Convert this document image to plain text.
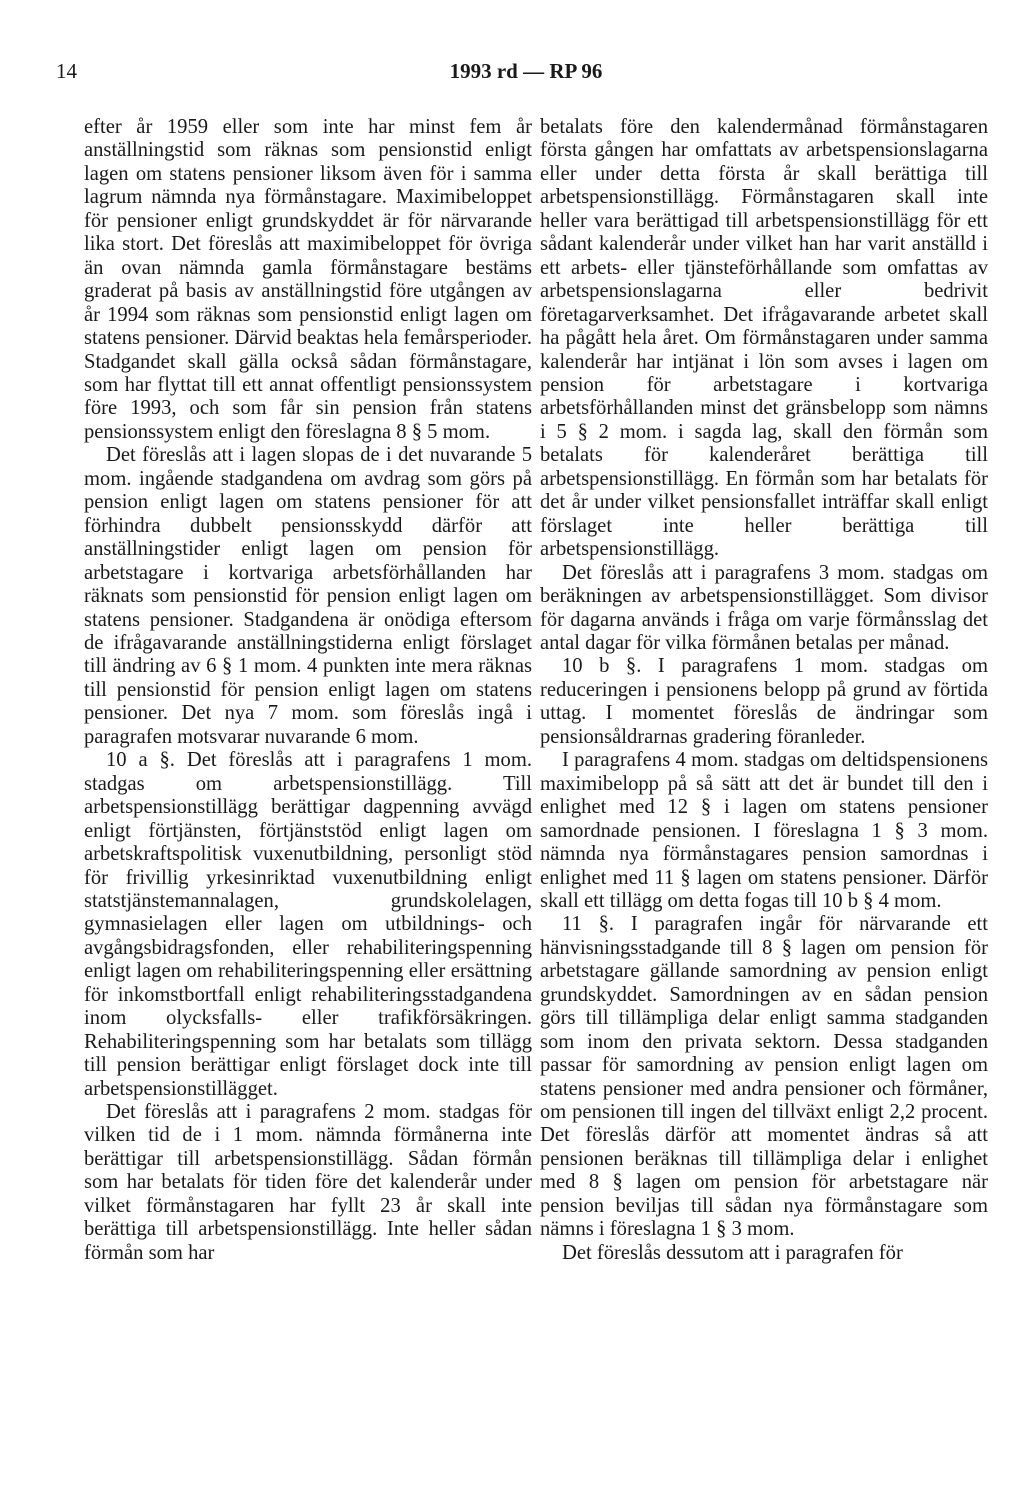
14	1993 rd — RP 96

efter år 1959 eller som inte har minst fem år anställningstid som räknas som pensionstid enligt lagen om statens pensioner liksom även för i samma lagrum nämnda nya förmånstagare. Maximibeloppet för pensioner enligt grundskyddet är för närvarande lika stort. Det föreslås att maximibeloppet för övriga än ovan nämnda gamla förmånstagare bestäms graderat på basis av anställningstid före utgången av år 1994 som räknas som pensionstid enligt lagen om statens pensioner. Därvid beaktas hela femårsperioder. Stadgandet skall gälla också sådan förmånstagare, som har flyttat till ett annat offentligt pensionssystem före 1993, och som får sin pension från statens pensionssystem enligt den föreslagna 8 § 5 mom.

Det föreslås att i lagen slopas de i det nuvarande 5 mom. ingående stadgandena om avdrag som görs på pension enligt lagen om statens pensioner för att förhindra dubbelt pensionsskydd därför att anställningstider enligt lagen om pension för arbetstagare i kortvariga arbetsförhållanden har räknats som pensionstid för pension enligt lagen om statens pensioner. Stadgandena är onödiga eftersom de ifrågavarande anställningstiderna enligt förslaget till ändring av 6 § 1 mom. 4 punkten inte mera räknas till pensionstid för pension enligt lagen om statens pensioner. Det nya 7 mom. som föreslås ingå i paragrafen motsvarar nuvarande 6 mom.

10 a §. Det föreslås att i paragrafens 1 mom. stadgas om arbetspensionstillägg. Till arbetspensionstillägg berättigar dagpenning avvägd enligt förtjänsten, förtjänststöd enligt lagen om arbetskraftspolitisk vuxenutbildning, personligt stöd för frivillig yrkesinriktad vuxenutbildning enligt statstjänstemannalagen, grundskolelagen, gymnasielagen eller lagen om utbildnings- och avgångsbidragsfonden, eller rehabiliteringspenning enligt lagen om rehabiliteringspenning eller ersättning för inkomstbortfall enligt rehabiliteringsstadgandena inom olycksfalls- eller trafikförsäkringen. Rehabiliteringspenning som har betalats som tillägg till pension berättigar enligt förslaget dock inte till arbetspensionstillägget.

Det föreslås att i paragrafens 2 mom. stadgas för vilken tid de i 1 mom. nämnda förmånerna inte berättigar till arbetspensionstillägg. Sådan förmån som har betalats för tiden före det kalenderår under vilket förmånstagaren har fyllt 23 år skall inte berättiga till arbetspensionstillägg. Inte heller sådan förmån som har

betalats före den kalendermånad förmånstagaren första gången har omfattats av arbetspensionslagarna eller under detta första år skall berättiga till arbetspensionstillägg. Förmånstagaren skall inte heller vara berättigad till arbetspensionstillägg för ett sådant kalenderår under vilket han har varit anställd i ett arbets- eller tjänsteförhållande som omfattas av arbetspensionslagarna eller bedrivit företagarverksamhet. Det ifrågavarande arbetet skall ha pågått hela året. Om förmånstagaren under samma kalenderår har intjänat i lön som avses i lagen om pension för arbetstagare i kortvariga arbetsförhållanden minst det gränsbelopp som nämns i 5 § 2 mom. i sagda lag, skall den förmån som betalats för kalenderåret berättiga till arbetspensionstillägg. En förmån som har betalats för det år under vilket pensionsfallet inträffar skall enligt förslaget inte heller berättiga till arbetspensionstillägg.

Det föreslås att i paragrafens 3 mom. stadgas om beräkningen av arbetspensionstillägget. Som divisor för dagarna används i fråga om varje förmånsslag det antal dagar för vilka förmånen betalas per månad.

10 b §. I paragrafens 1 mom. stadgas om reduceringen i pensionens belopp på grund av förtida uttag. I momentet föreslås de ändringar som pensionsåldrarnas gradering föranleder.

I paragrafens 4 mom. stadgas om deltidspensionens maximibelopp på så sätt att det är bundet till den i enlighet med 12 § i lagen om statens pensioner samordnade pensionen. I föreslagna 1 § 3 mom. nämnda nya förmånstagares pension samordnas i enlighet med 11 § lagen om statens pensioner. Därför skall ett tillägg om detta fogas till 10 b § 4 mom.

11 §. I paragrafen ingår för närvarande ett hänvisningsstadgande till 8 § lagen om pension för arbetstagare gällande samordning av pension enligt grundskyddet. Samordningen av en sådan pension görs till tillämpliga delar enligt samma stadganden som inom den privata sektorn. Dessa stadganden passar för samordning av pension enligt lagen om statens pensioner med andra pensioner och förmåner, om pensionen till ingen del tillväxt enligt 2,2 procent. Det föreslås därför att momentet ändras så att pensionen beräknas till tillämpliga delar i enlighet med 8 § lagen om pension för arbetstagare när pension beviljas till sådan nya förmånstagare som nämns i föreslagna 1 § 3 mom.

Det föreslås dessutom att i paragrafen för
